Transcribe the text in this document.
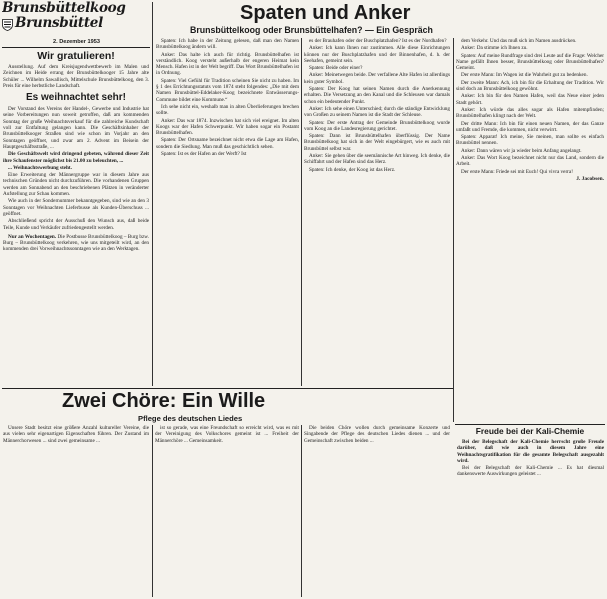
Brunsbüttelkoog
Brunsbüttel
2. Dezember 1953
Wir gratulieren!

Ausstellung. Auf dem Kreisjugendwettbewerb im Malen und Zeichnen im Heide errang der Brunsbüttelkooger 15 Jahre alte Schüler ... Wilhelm Sawallisch, Mittelschule Brunsbüttelkoog, den 3. Preis für eine herbstliche Landschaft.

Es weihnachtet sehr!

Der Vorstand des Vereins der Handel-, Gewerbe und Industrie hat seine Vorbereitungen nun soweit getroffen, daß am kommenden Sonntag der große Weihnachtsverkauf für die zahlreiche Kundschaft voll zur Entfaltung gelangen kann. Die Geschäftsinhaber der Brunsbüttelkooger Straßen sind wie schon im Vorjahr an den Sonntagen geöffnet, und zwar am 2. Advent im Beisein der Hauptgeschäftsstraße, ...

Die Geschäftswelt wird dringend gebeten, während dieser Zeit ihre Schaufenster möglichst bis 21.00 zu beleuchten, ...

... Weihnachtswerbung steht.

Eine Erweiterung der Männergruppe war in diesem Jahre aus technischen Gründen nicht durchzuführen. Die vorhandenen Gruppen werden am Sonnabend an den beschriebenen Plätzen in veränderter Aufstellung zur Schau kommen.

Wie auch in der Sondernummer bekanntgegeben, sind wie an den 3 Sonntagen vor Weihnachten Lieferbusse als Kunden-Überschuss ... geöffnet.

Abschließend spricht der Ausschuß den Wunsch aus, daß beide Teile, Kunde und Verkäufer zufriedengestellt werden.

Nur an Wochentagen. Die Postbusse Brunsbüttelkoog – Burg bzw. Burg – Brunsbüttelkoog verkehren, wie uns mitgeteilt wird, an den kommenden drei Vorweihnachtssonntagen wie an den Werktagen.

Spaten und Anker
Brunsbüttelkoog oder Brunsbüttelhafen? — Ein Gespräch

Spaten: Ich habe in der Zeitung gelesen, daß man den Namen Brunsbüttelkoog ändern will.

Anker: Das halte ich auch für richtig. Brunsbüttelhafen ist verständlich. Koog versteht außerhalb der engeren Heimat kein Mensch. Hafen ist in der Welt begriff. Das Wort Brunsbüttelhafen ist in Ordnung.

Spaten: Viel Gefühl für Tradition scheinen Sie nicht zu haben. Im § 1 des Errichtungsstatuts vom 1874 steht folgendes: „Die mit dem Namen Brunsbüttel-Eddelaker-Koog bezeichnete Entwässerungs-Commune bildet eine Kommune.“

Ich sehe nicht ein, weshalb man in alten Überlieferungen brechen sollte.

Anker: Das war 1874. Inzwischen hat sich viel ereignet. Im alten Koogs war der Hafen Schwerpunkt. Wir haben sogar ein Postamt Brunsbüttelhafen.

Spaten: Der Ortsname bezeichnet nicht etwa die Lage am Hafen, sondern die Siedlung. Man muß das geschichtlich sehen.

Spaten: Ist es der Hafen an der Werft? Ist

es der Brauhafen oder der Buschplatzhafen? Ist es der Nordhafen?

Anker: Ich kann Ihnen nur zustimmen. Alle diese Einrichtungen können nur der Buschplatzhafen und der Binnenhafen, d. h. der Seehafen, gemeint sein.

Spaten: Beide oder einer?

Anker: Meinetwegen beide. Der verfallene Alte Hafen ist allerdings kein guter Symbol.

Spaten: Der Koog hat seinen Namen durch die Anerkennung erhalten. Die Versetzung an den Kanal und die Schleusen war damals schon ein bedeutender Punkt.

Anker: Ich sehe einen Unterschied; durch die ständige Entwicklung von Großen zu seinem Namen ist die Stadt der Schleuse.

Spaten: Der erste Antrag der Gemeinde Brunsbüttelkoog wurde vom Koog an die Landesregierung gerichtet.

Spaten: Dann ist Brunsbüttelhafen überflüssig. Der Name Brunsbüttelkoog hat sich in der Welt eingebürgert, wie es auch mit Brunsbüttel selbst war.

Anker: Sie gehen über die seemännische Art hinweg. Ich denke, die Schiffahrt und der Hafen sind das Herz.

Spaten: Ich denke, der Koog ist das Herz.

dem Verkehr. Und das muß sich im Namen ausdrücken.

Anker: Da stimme ich Ihnen zu.

Spaten: Auf meine Rundfrage sind drei Leute auf die Frage: Welcher Name gefällt Ihnen besser, Brunsbüttelkoog oder Brunsbüttelhafen? Gemeint.

Der erste Mann: Im Wagen ist die Wahrheit gut zu bedenken.

Der zweite Mann: Ach, ich bin für die Erhaltung der Tradition. Wir sind doch an Brunsbüttelkoog gewöhnt.

Anker: Ich bin für den Namen Hafen, weil das Neue einer jeden Stadt gehört.

Anker: Ich würde das alles sogar als Hafen mitempfinden; Brunsbüttelhafen klingt nach der Welt.

Der dritte Mann: Ich bin für einen neuen Namen, der das Ganze umfaßt und Fremde, die kommen, nicht verwirrt.

Spaten: Apparat! Ich meine, Sie meinen, man sollte es einfach Brunsbüttel nennen.

Anker: Dann wären wir ja wieder beim Anfang angelangt.

Anker: Das Wort Koog bezeichnet nicht nur das Land, sondern die Arbeit.

Der erste Mann: Friede sei mit Euch! Qui vivra verra!

J. Jacobsen.
Zwei Chöre: Ein Wille
Pflege des deutschen Liedes

Unsere Stadt besitzt eine größere Anzahl kultureller Vereine, die aus vielen sehr eigenartigen Eigenschaften führen. Der Zustand im Männerchorwesen ... sind zwei gemeinsame ...

ist so gerade, was eine Freundschaft so erreicht wird, was es mit der Vereinigung des Volkschores gemeint ist ... Freiheit der Männerchöre ... Gemeinsamkeit.

Die beiden Chöre wollen durch gemeinsame Konzerte und Singabende der Pflege des deutschen Liedes dienen ... und der Gemeinschaft zwischen beiden ...

Freude bei der Kali-Chemie

Bei der Belegschaft der Kali-Chemie herrscht große Freude darüber, daß wie auch in diesem Jahre eine Weihnachtsgratifikation für die gesamte Belegschaft ausgezahlt wird.

Bei der Belegschaft der Kali-Chemie ... Es hat diesmal dankenswerte Auswirkungen geleistet ...
